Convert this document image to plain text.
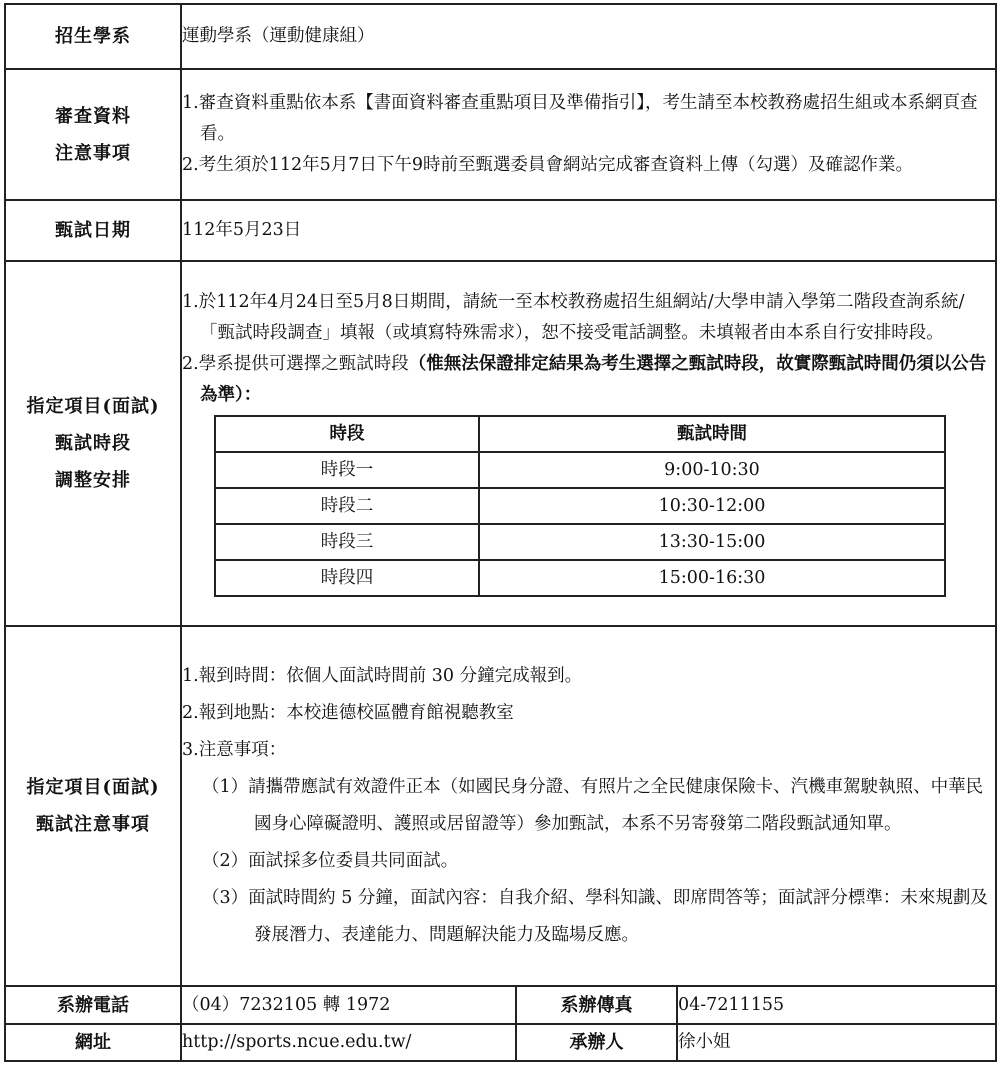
招生學系	運動學系（運動健康組）

審查資料
注意事項

1.審查資料重點依本系【書面資料審查重點項目及準備指引】，考生請至本校教務處招生組或本系網頁查看。

2.考生須於112年5月7日下午9時前至甄選委員會網站完成審查資料上傳（勾選）及確認作業。

甄試日期	112年5月23日

指定項目(面試)
甄試時段
調整安排

1.於112年4月24日至5月8日期間，請統一至本校教務處招生組網站/大學申請入學第二階段查詢系統/「甄試時段調查」填報（或填寫特殊需求），恕不接受電話調整。未填報者由本系自行安排時段。

2.學系提供可選擇之甄試時段（惟無法保證排定結果為考生選擇之甄試時段，故實際甄試時間仍須以公告為準）：

時段	甄試時間
時段一	9:00-10:30
時段二	10:30-12:00
時段三	13:30-15:00
時段四	15:00-16:30

指定項目(面試)
甄試注意事項

1.報到時間：依個人面試時間前 30 分鐘完成報到。

2.報到地點：本校進德校區體育館視聽教室

3.注意事項：

（1）請攜帶應試有效證件正本（如國民身分證、有照片之全民健康保險卡、汽機車駕駛執照、中華民國身心障礙證明、護照或居留證等）參加甄試，本系不另寄發第二階段甄試通知單。

（2）面試採多位委員共同面試。

（3）面試時間約 5 分鐘，面試內容：自我介紹、學科知識、即席問答等；面試評分標準：未來規劃及發展潛力、表達能力、問題解決能力及臨場反應。

系辦電話	（04）7232105 轉 1972	系辦傳真	04-7211155
網址	http://sports.ncue.edu.tw/	承辦人	徐小姐
